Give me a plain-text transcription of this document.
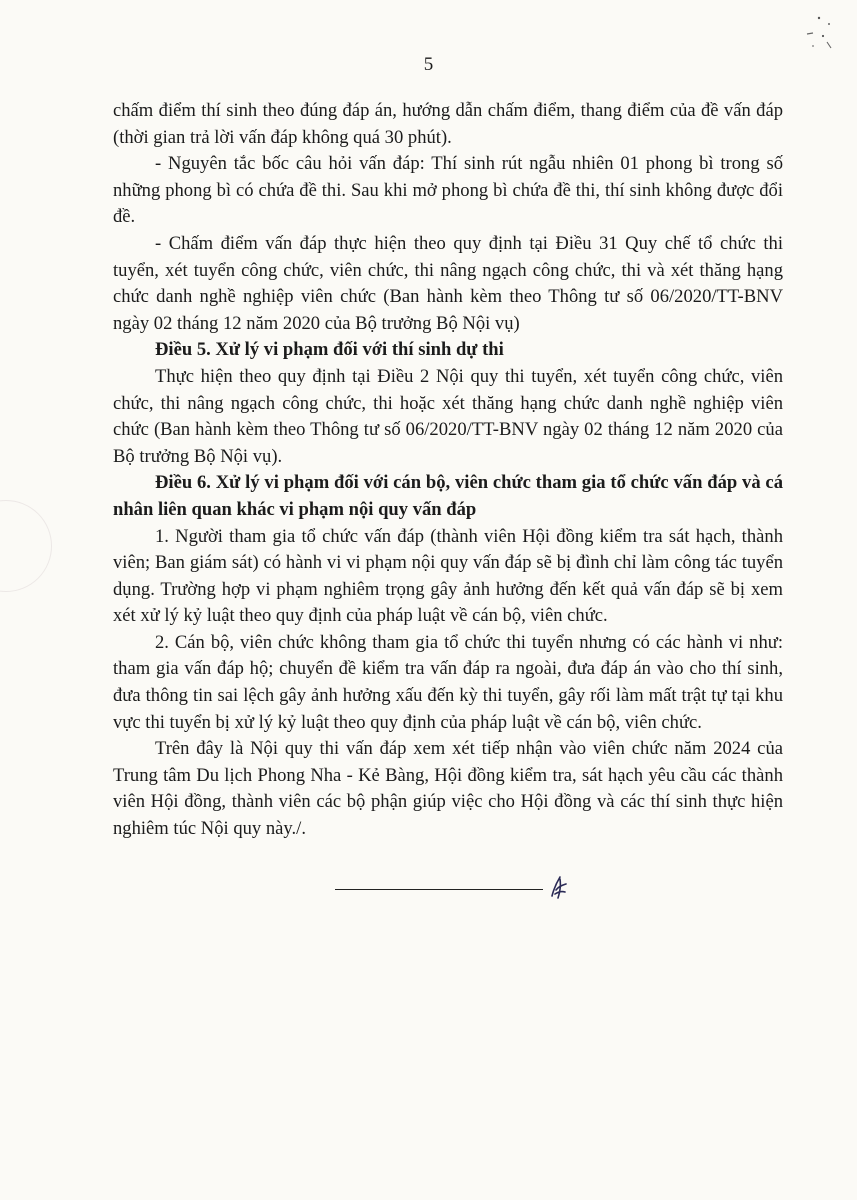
5

chấm điểm thí sinh theo đúng đáp án, hướng dẫn chấm điểm, thang điểm của đề vấn đáp (thời gian trả lời vấn đáp không quá 30 phút).

- Nguyên tắc bốc câu hỏi vấn đáp: Thí sinh rút ngẫu nhiên 01 phong bì trong số những phong bì có chứa đề thi. Sau khi mở phong bì chứa đề thi, thí sinh không được đổi đề.

- Chấm điểm vấn đáp thực hiện theo quy định tại Điều 31 Quy chế tổ chức thi tuyển, xét tuyển công chức, viên chức, thi nâng ngạch công chức, thi và xét thăng hạng chức danh nghề nghiệp viên chức (Ban hành kèm theo Thông tư số 06/2020/TT-BNV ngày 02 tháng 12 năm 2020 của Bộ trưởng Bộ Nội vụ)

Điều 5. Xử lý vi phạm đối với thí sinh dự thi

Thực hiện theo quy định tại Điều 2 Nội quy thi tuyển, xét tuyển công chức, viên chức, thi nâng ngạch công chức, thi hoặc xét thăng hạng chức danh nghề nghiệp viên chức (Ban hành kèm theo Thông tư số 06/2020/TT-BNV ngày 02 tháng 12 năm 2020 của Bộ trưởng Bộ Nội vụ).

Điều 6. Xử lý vi phạm đối với cán bộ, viên chức tham gia tổ chức vấn đáp và cá nhân liên quan khác vi phạm nội quy vấn đáp

1. Người tham gia tổ chức vấn đáp (thành viên Hội đồng kiểm tra sát hạch, thành viên; Ban giám sát) có hành vi vi phạm nội quy vấn đáp sẽ bị đình chỉ làm công tác tuyển dụng. Trường hợp vi phạm nghiêm trọng gây ảnh hưởng đến kết quả vấn đáp sẽ bị xem xét xử lý kỷ luật theo quy định của pháp luật về cán bộ, viên chức.

2. Cán bộ, viên chức không tham gia tổ chức thi tuyển nhưng có các hành vi như: tham gia vấn đáp hộ; chuyển đề kiểm tra vấn đáp ra ngoài, đưa đáp án vào cho thí sinh, đưa thông tin sai lệch gây ảnh hưởng xấu đến kỳ thi tuyển, gây rối làm mất trật tự tại khu vực thi tuyển bị xử lý kỷ luật theo quy định của pháp luật về cán bộ, viên chức.

Trên đây là Nội quy thi vấn đáp xem xét tiếp nhận vào viên chức năm 2024 của Trung tâm Du lịch Phong Nha - Kẻ Bàng, Hội đồng kiểm tra, sát hạch yêu cầu các thành viên Hội đồng, thành viên các bộ phận giúp việc cho Hội đồng và các thí sinh thực hiện nghiêm túc Nội quy này./.
